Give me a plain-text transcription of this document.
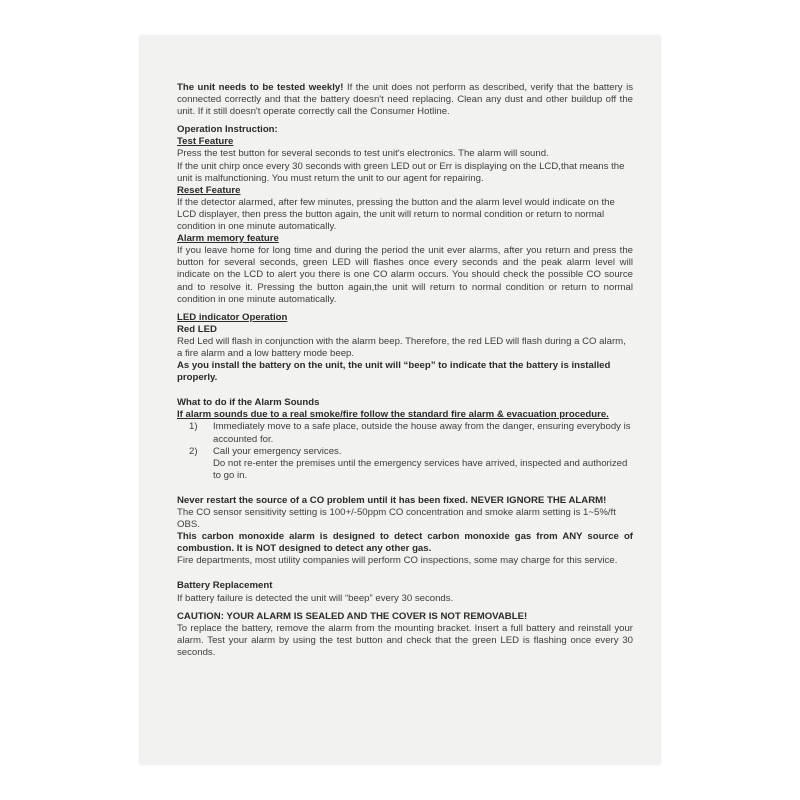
The unit needs to be tested weekly! If the unit does not perform as described, verify that the battery is connected correctly and that the battery doesn't need replacing. Clean any dust and other buildup off the unit. If it still doesn't operate correctly call the Consumer Hotline.

Operation Instruction:

Test Feature

Press the test button for several seconds to test unit's electronics. The alarm will sound.

If the unit chirp once every 30 seconds with green LED out or Err is displaying on the LCD,that means the unit is malfunctioning. You must return the unit to our agent for repairing.

Reset Feature

If the detector alarmed, after few minutes, pressing the button and the alarm level would indicate on the LCD displayer, then press the button again, the unit will return to normal condition or return to normal condition in one minute automatically.

Alarm memory feature

If you leave home for long time and during the period the unit ever alarms, after you return and press the button for several seconds, green LED will flashes once every seconds and the peak alarm level will indicate on the LCD to alert you there is one CO alarm occurs. You should check the possible CO source and to resolve it. Pressing the button again,the unit will return to normal condition or return to normal condition in one minute automatically.

LED indicator Operation

Red LED

Red Led will flash in conjunction with the alarm beep. Therefore, the red LED will flash during a CO alarm, a fire alarm and a low battery mode beep.

As you install the battery on the unit, the unit will “beep” to indicate that the battery is installed properly.

What to do if the Alarm Sounds

If alarm sounds due to a real smoke/fire follow the standard fire alarm & evacuation procedure.

1)	Immediately move to a safe place, outside the house away from the danger, ensuring everybody is accounted for.
2)	Call your emergency services.

Do not re-enter the premises until the emergency services have arrived, inspected and authorized to go in.

Never restart the source of a CO problem until it has been fixed. NEVER IGNORE THE ALARM!

The CO sensor sensitivity setting is 100+/-50ppm CO concentration and smoke alarm setting is 1~5%/ft OBS.

This carbon monoxide alarm is designed to detect carbon monoxide gas from ANY source of combustion. It is NOT designed to detect any other gas.

Fire departments, most utility companies will perform CO inspections, some may charge for this service.

Battery Replacement

If battery failure is detected the unit will “beep” every 30 seconds.

CAUTION: YOUR ALARM IS SEALED AND THE COVER IS NOT REMOVABLE!

To replace the battery, remove the alarm from the mounting bracket. Insert a full battery and reinstall your alarm. Test your alarm by using the test button and check that the green LED is flashing once every 30 seconds.
